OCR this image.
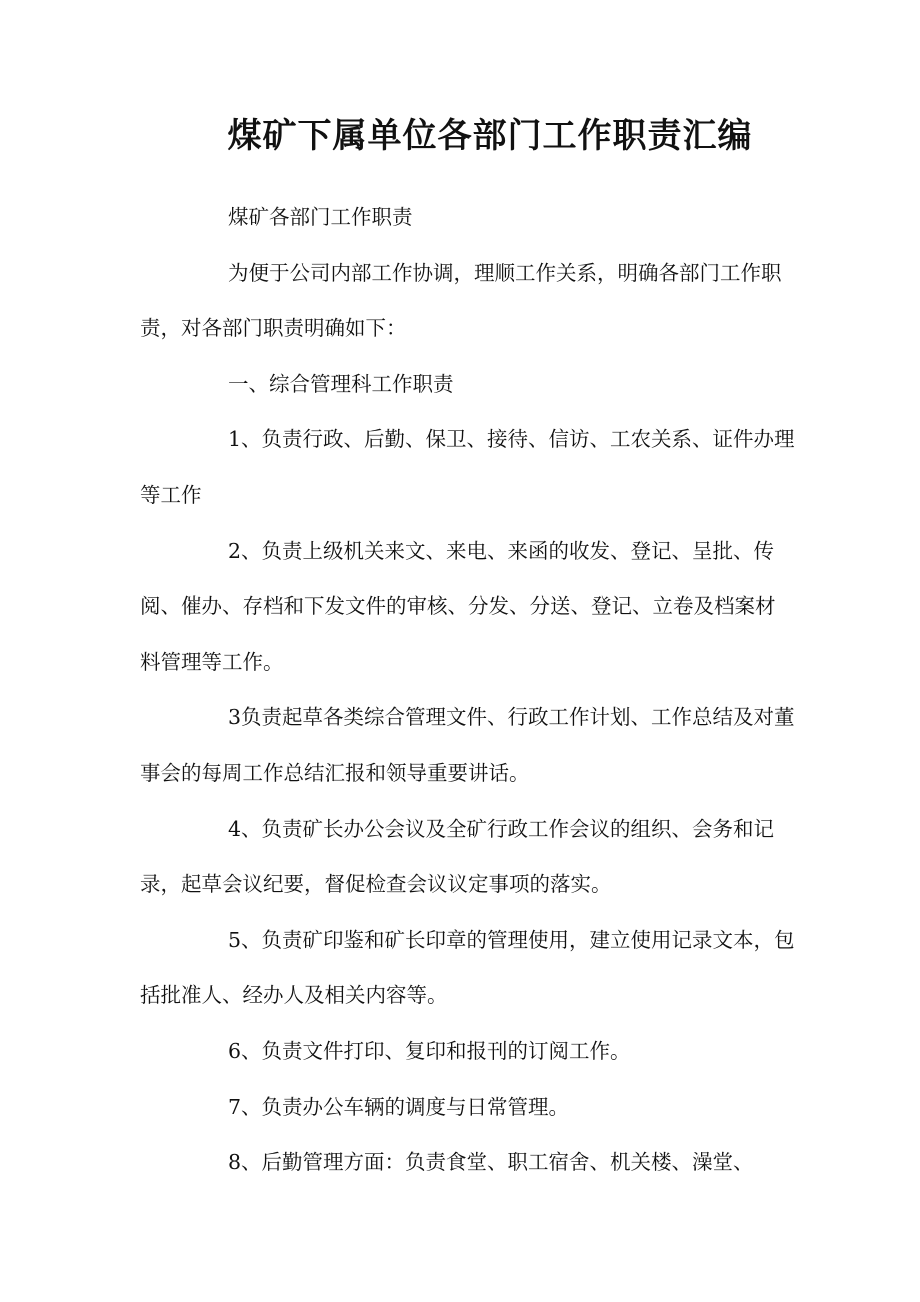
煤矿下属单位各部门工作职责汇编

煤矿各部门工作职责

为便于公司内部工作协调，理顺工作关系，明确各部门工作职责，对各部门职责明确如下：

一、综合管理科工作职责

1、负责行政、后勤、保卫、接待、信访、工农关系、证件办理等工作

2、负责上级机关来文、来电、来函的收发、登记、呈批、传阅、催办、存档和下发文件的审核、分发、分送、登记、立卷及档案材料管理等工作。

3负责起草各类综合管理文件、行政工作计划、工作总结及对董事会的每周工作总结汇报和领导重要讲话。

4、负责矿长办公会议及全矿行政工作会议的组织、会务和记录，起草会议纪要，督促检查会议议定事项的落实。

5、负责矿印鉴和矿长印章的管理使用，建立使用记录文本，包括批准人、经办人及相关内容等。

6、负责文件打印、复印和报刊的订阅工作。

7、负责办公车辆的调度与日常管理。

8、后勤管理方面：负责食堂、职工宿舍、机关楼、澡堂、
